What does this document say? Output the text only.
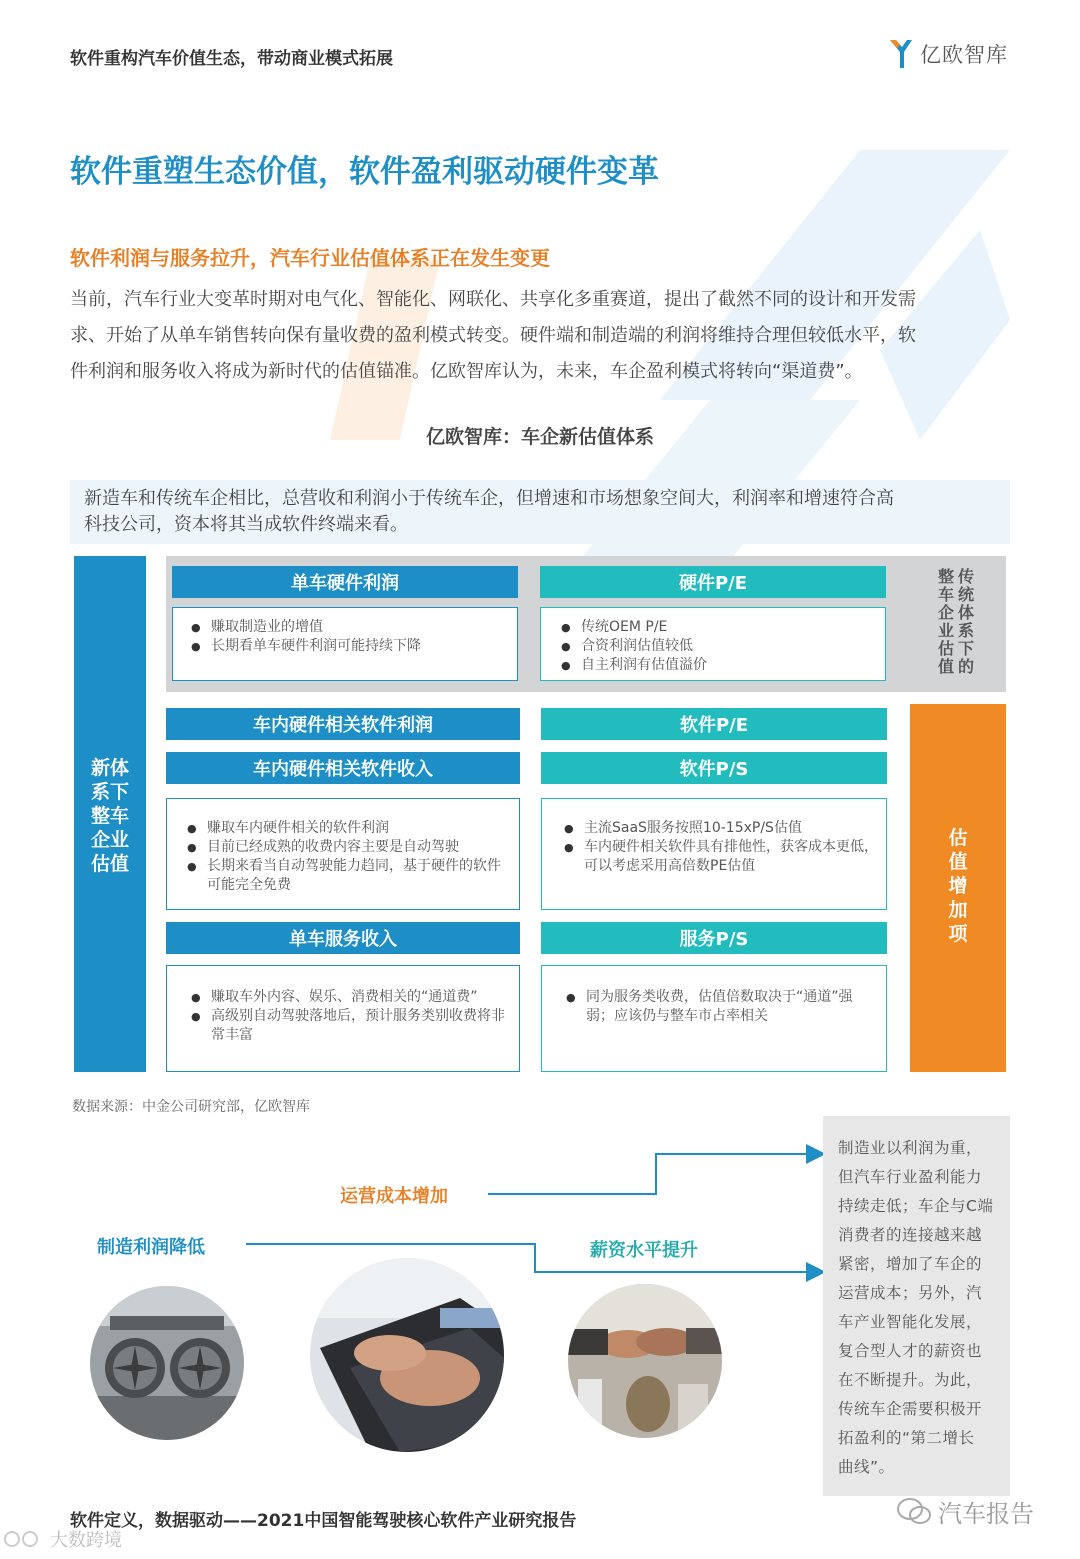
软件重构汽车价值生态，带动商业模式拓展	亿欧智库
软件重塑生态价值，软件盈利驱动硬件变革
软件利润与服务拉升，汽车行业估值体系正在发生变更
当前，汽车行业大变革时期对电气化、智能化、网联化、共享化多重赛道，提出了截然不同的设计和开发需
求、开始了从单车销售转向保有量收费的盈利模式转变。硬件端和制造端的利润将维持合理但较低水平，软
件利润和服务收入将成为新时代的估值锚准。亿欧智库认为，未来，车企盈利模式将转向“渠道费”。
亿欧智库：车企新估值体系
新造车和传统车企相比，总营收和利润小于传统车企，但增速和市场想象空间大，利润率和增速符合高
科技公司，资本将其当成软件终端来看。
新体
系下
整车
企业
估值
传
统
体
系
下
的
整
车
企
业
估
值
单车硬件利润
● 赚取制造业的增值
● 长期看单车硬件利润可能持续下降
硬件P/E
● 传统OEM P/E
● 合资利润估值较低
● 自主利润有估值溢价
车内硬件相关软件利润
车内硬件相关软件收入
● 赚取车内硬件相关的软件利润
● 目前已经成熟的收费内容主要是自动驾驶
● 长期来看当自动驾驶能力趋同，基于硬件的软件可能完全免费
软件P/E
软件P/S
● 主流SaaS服务按照10-15xP/S估值
● 车内硬件相关软件具有排他性，获客成本更低，可以考虑采用高倍数PE估值
单车服务收入
● 赚取车外内容、娱乐、消费相关的“通道费”
● 高级别自动驾驶落地后，预计服务类别收费将非常丰富
服务P/S
● 同为服务类收费，估值倍数取决于“通道”强弱；应该仍与整车市占率相关
估
值
增
加
项
数据来源：中金公司研究部，亿欧智库
运营成本增加
制造利润降低	薪资水平提升
制造业以利润为重，
但汽车行业盈利能力
持续走低；车企与C端
消费者的连接越来越
紧密，增加了车企的
运营成本；另外，汽
车产业智能化发展，
复合型人才的薪资也
在不断提升。为此，
传统车企需要积极开
拓盈利的“第二增长
曲线”。
软件定义，数据驱动——2021中国智能驾驶核心软件产业研究报告	汽车报告
大数跨境
